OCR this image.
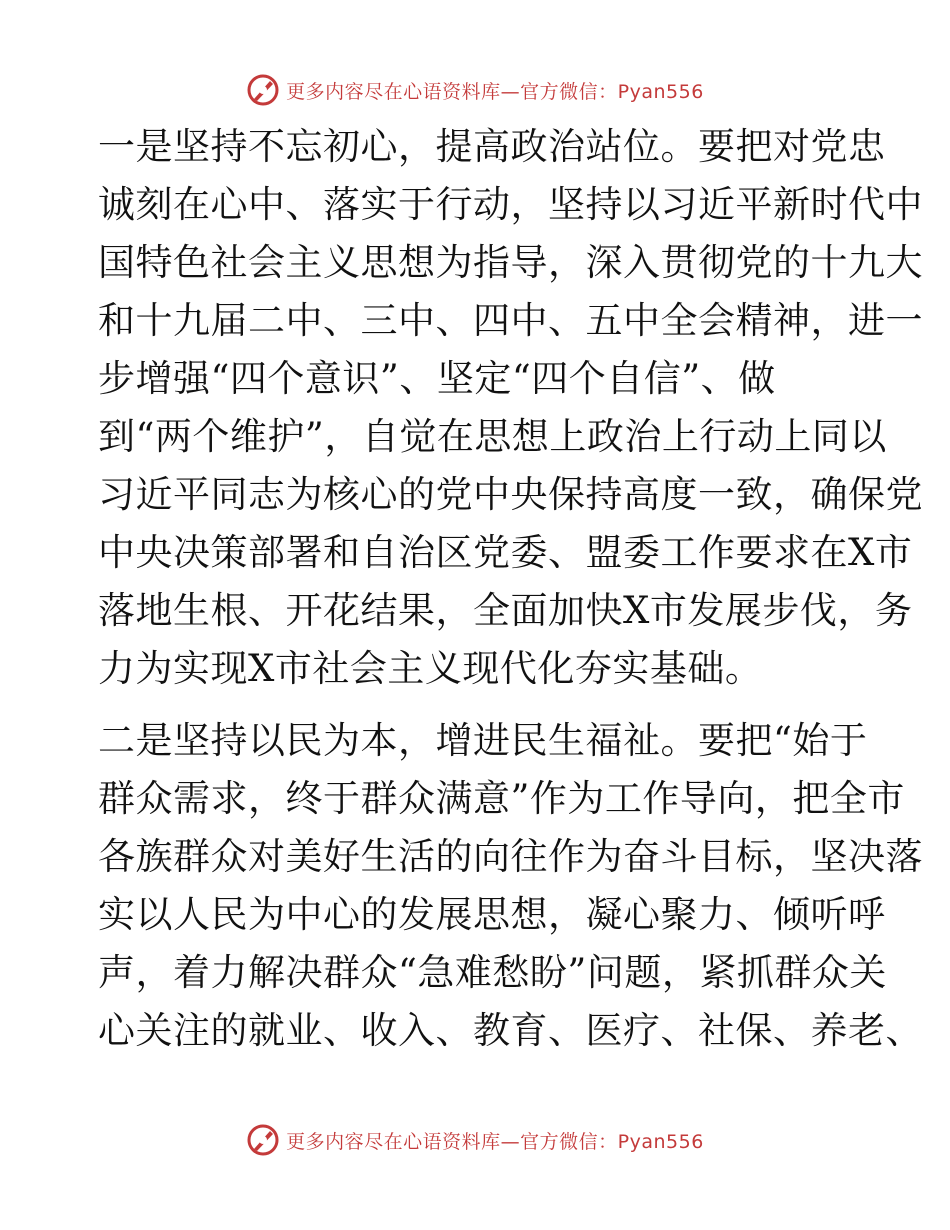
更多内容尽在心语资料库—官方微信：Pyan556

一是坚持不忘初心，提高政治站位。要把对党忠
诚刻在心中、落实于行动，坚持以习近平新时代中
国特色社会主义思想为指导，深入贯彻党的十九大
和十九届二中、三中、四中、五中全会精神，进一
步增强“四个意识”、坚定“四个自信”、做
到“两个维护”，自觉在思想上政治上行动上同以
习近平同志为核心的党中央保持高度一致，确保党
中央决策部署和自治区党委、盟委工作要求在X市
落地生根、开花结果，全面加快X市发展步伐，务
力为实现X市社会主义现代化夯实基础。

二是坚持以民为本，增进民生福祉。要把“始于
群众需求，终于群众满意”作为工作导向，把全市
各族群众对美好生活的向往作为奋斗目标，坚决落
实以人民为中心的发展思想，凝心聚力、倾听呼
声，着力解决群众“急难愁盼”问题，紧抓群众关
心关注的就业、收入、教育、医疗、社保、养老、

更多内容尽在心语资料库—官方微信：Pyan556
